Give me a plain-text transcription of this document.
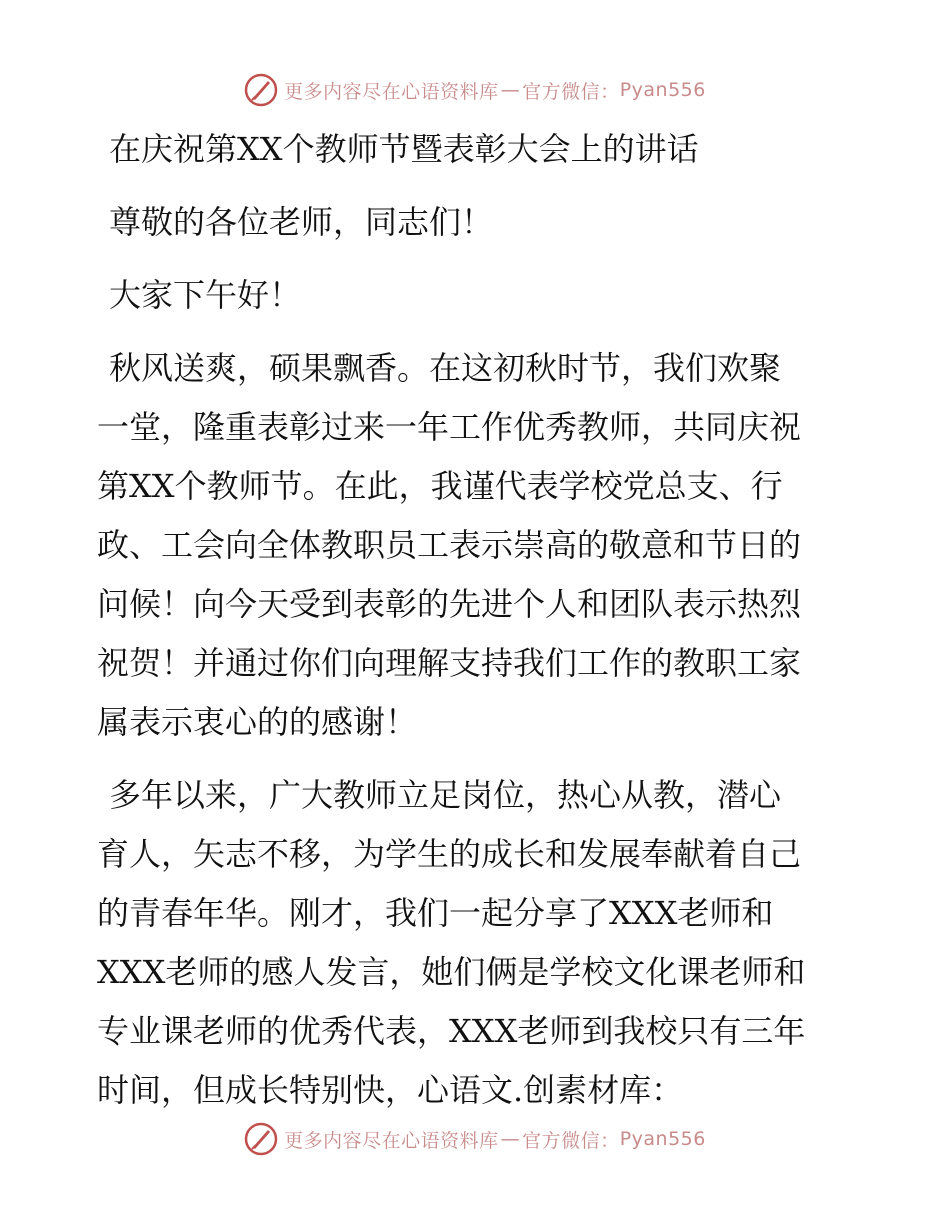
更多内容尽在心语资料库 — 官方微信： Pyan556
在庆祝第XX个教师节暨表彰大会上的讲话
尊敬的各位老师，同志们！
大家下午好！
秋风送爽，硕果飘香。在这初秋时节，我们欢聚
一堂，隆重表彰过来一年工作优秀教师，共同庆祝
第XX个教师节。在此，我谨代表学校党总支、行
政、工会向全体教职员工表示崇高的敬意和节日的
问候！向今天受到表彰的先进个人和团队表示热烈
祝贺！并通过你们向理解支持我们工作的教职工家
属表示衷心的的感谢！
多年以来，广大教师立足岗位，热心从教，潜心
育人，矢志不移，为学生的成长和发展奉献着自己
的青春年华。刚才，我们一起分享了XXX老师和
XXX老师的感人发言，她们俩是学校文化课老师和
专业课老师的优秀代表，XXX老师到我校只有三年
时间，但成长特别快，心语文.创素材库：
更多内容尽在心语资料库 — 官方微信： Pyan556
